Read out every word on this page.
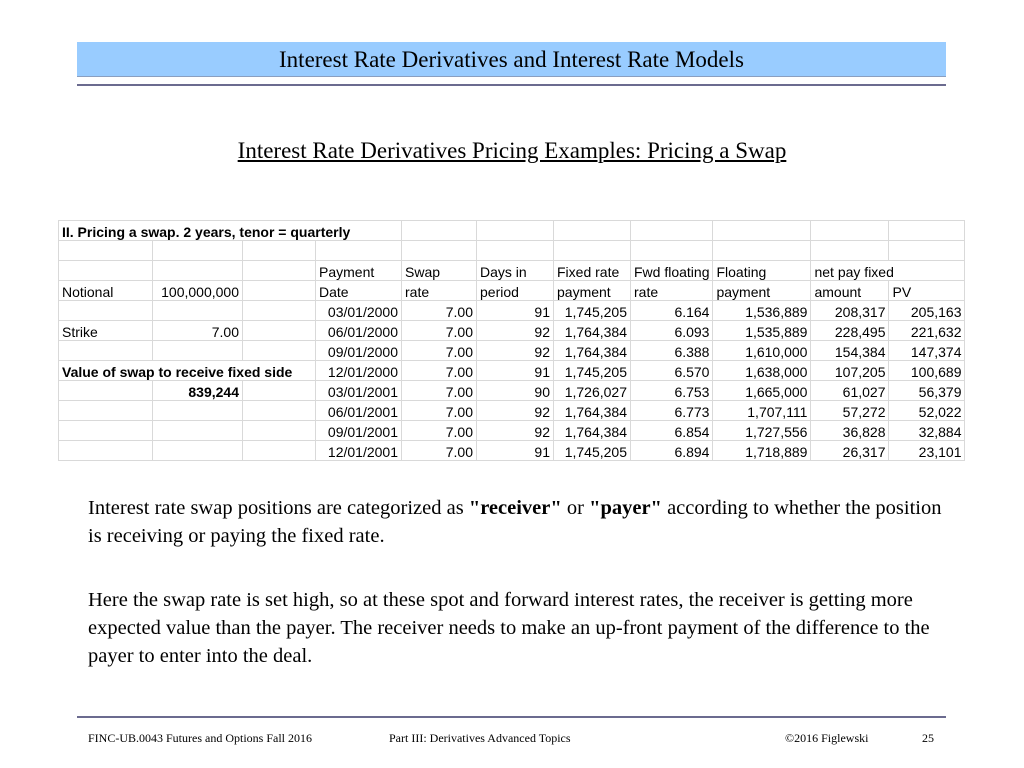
Interest Rate Derivatives and Interest Rate Models
Interest Rate Derivatives Pricing Examples: Pricing a Swap
II. Pricing a swap. 2 years, tenor = quarterly										

			Payment	Swap	Days in	Fixed rate	Fwd floating	Floating	net pay fixed	
Notional	100,000,000		Date	rate	period	payment	rate	payment	amount	PV
			03/01/2000	7.00	91	1,745,205	6.164	1,536,889	208,317	205,163
Strike	7.00		06/01/2000	7.00	92	1,764,384	6.093	1,535,889	228,495	221,632
			09/01/2000	7.00	92	1,764,384	6.388	1,610,000	154,384	147,374
Value of swap to receive fixed side			12/01/2000	7.00	91	1,745,205	6.570	1,638,000	107,205	100,689
	839,244		03/01/2001	7.00	90	1,726,027	6.753	1,665,000	61,027	56,379
			06/01/2001	7.00	92	1,764,384	6.773	1,707,111	57,272	52,022
			09/01/2001	7.00	92	1,764,384	6.854	1,727,556	36,828	32,884
			12/01/2001	7.00	91	1,745,205	6.894	1,718,889	26,317	23,101
Interest rate swap positions are categorized as "receiver" or "payer" according to whether the position is receiving or paying the fixed rate.
Here the swap rate is set high, so at these spot and forward interest rates, the receiver is getting more expected value than the payer. The receiver needs to make an up-front payment of the difference to the payer to enter into the deal.
FINC-UB.0043 Futures and Options Fall 2016	Part III: Derivatives Advanced Topics	©2016 Figlewski	25
